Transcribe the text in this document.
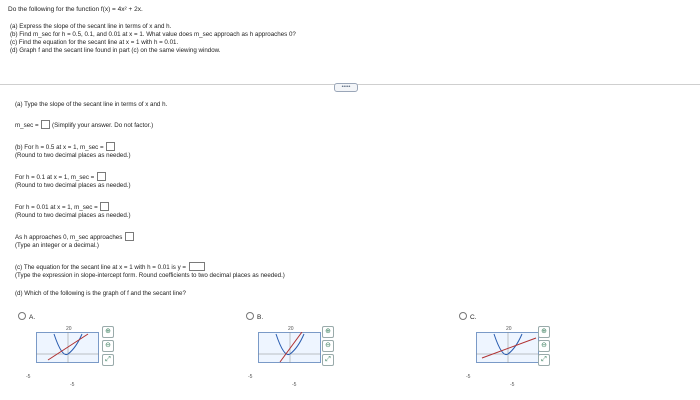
Do the following for the function f(x) = 4x² + 2x.
(a) Express the slope of the secant line in terms of x and h.
(b) Find m_sec for h = 0.5, 0.1, and 0.01 at x = 1. What value does m_sec approach as h approaches 0?
(c) Find the equation for the secant line at x = 1 with h = 0.01.
(d) Graph f and the secant line found in part (c) on the same viewing window.
•••••
(a) Type the slope of the secant line in terms of x and h.
m_sec = (Simplify your answer. Do not factor.)
(b) For h = 0.5 at x = 1, m_sec =
(Round to two decimal places as needed.)
For h = 0.1 at x = 1, m_sec =
(Round to two decimal places as needed.)
For h = 0.01 at x = 1, m_sec =
(Round to two decimal places as needed.)
As h approaches 0, m_sec approaches
(Type an integer or a decimal.)
(c) The equation for the secant line at x = 1 with h = 0.01 is y =
(Type the expression in slope-intercept form. Round coefficients to two decimal places as needed.)
(d) Which of the following is the graph of f and the secant line?
A.
20
-5
-5
⊕
⊖
⤢
B.
20
-5
-5
⊕
⊖
⤢
C.
20
-5
-5
⊕
⊖
⤢
